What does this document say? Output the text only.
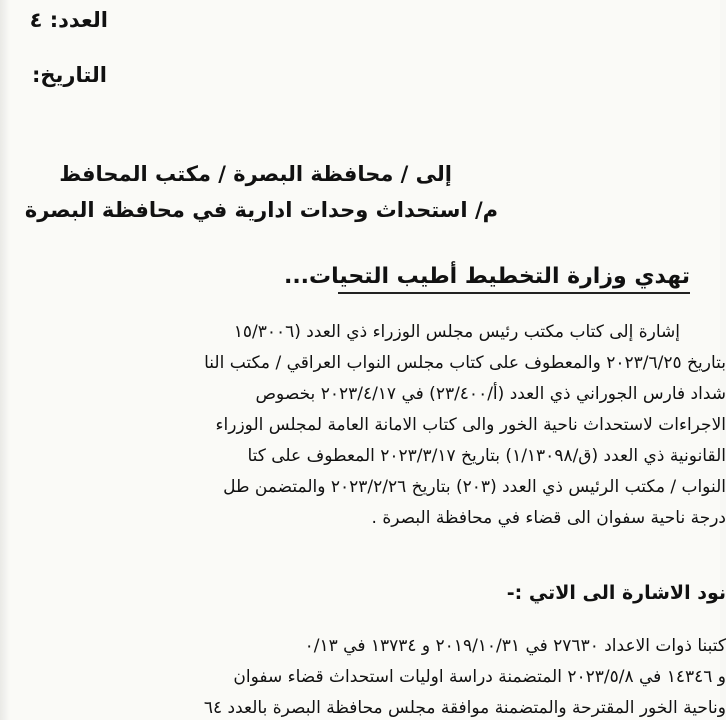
العدد: ٤
التاريخ:
إلى / محافظة البصرة / مكتب المحافظ
م/ استحداث وحدات ادارية في محافظة البصرة
تهدي وزارة التخطيط أطيب التحيات...
إشارة إلى كتاب مكتب رئيس مجلس الوزراء ذي العدد (١٥/٣٠٠٦
بتاريخ ٢٠٢٣/٦/٢٥ والمعطوف على كتاب مجلس النواب العراقي / مكتب النا
شداد فارس الجوراني ذي العدد (أ/٢٣/٤٠٠) في ٢٠٢٣/٤/١٧ بخصوص
الاجراءات لاستحداث ناحية الخور والى كتاب الامانة العامة لمجلس الوزراء
القانونية ذي العدد (ق/١/١٣٠٩٨) بتاريخ ٢٠٢٣/٣/١٧ المعطوف على كتا
النواب / مكتب الرئيس ذي العدد (٢٠٣) بتاريخ ٢٠٢٣/٢/٢٦ والمتضمن طل
درجة ناحية سفوان الى قضاء في محافظة البصرة .
نود الاشارة الى الاتي :-
كتبنا ذوات الاعداد ٢٧٦٣٠ في ٢٠١٩/١٠/٣١ و ١٣٧٣٤ في ٠/١٣
و ١٤٣٤٦ في ٢٠٢٣/٥/٨ المتضمنة دراسة اوليات استحداث قضاء سفوان
وناحية الخور المقترحة والمتضمنة موافقة مجلس محافظة البصرة بالعدد ٦٤
